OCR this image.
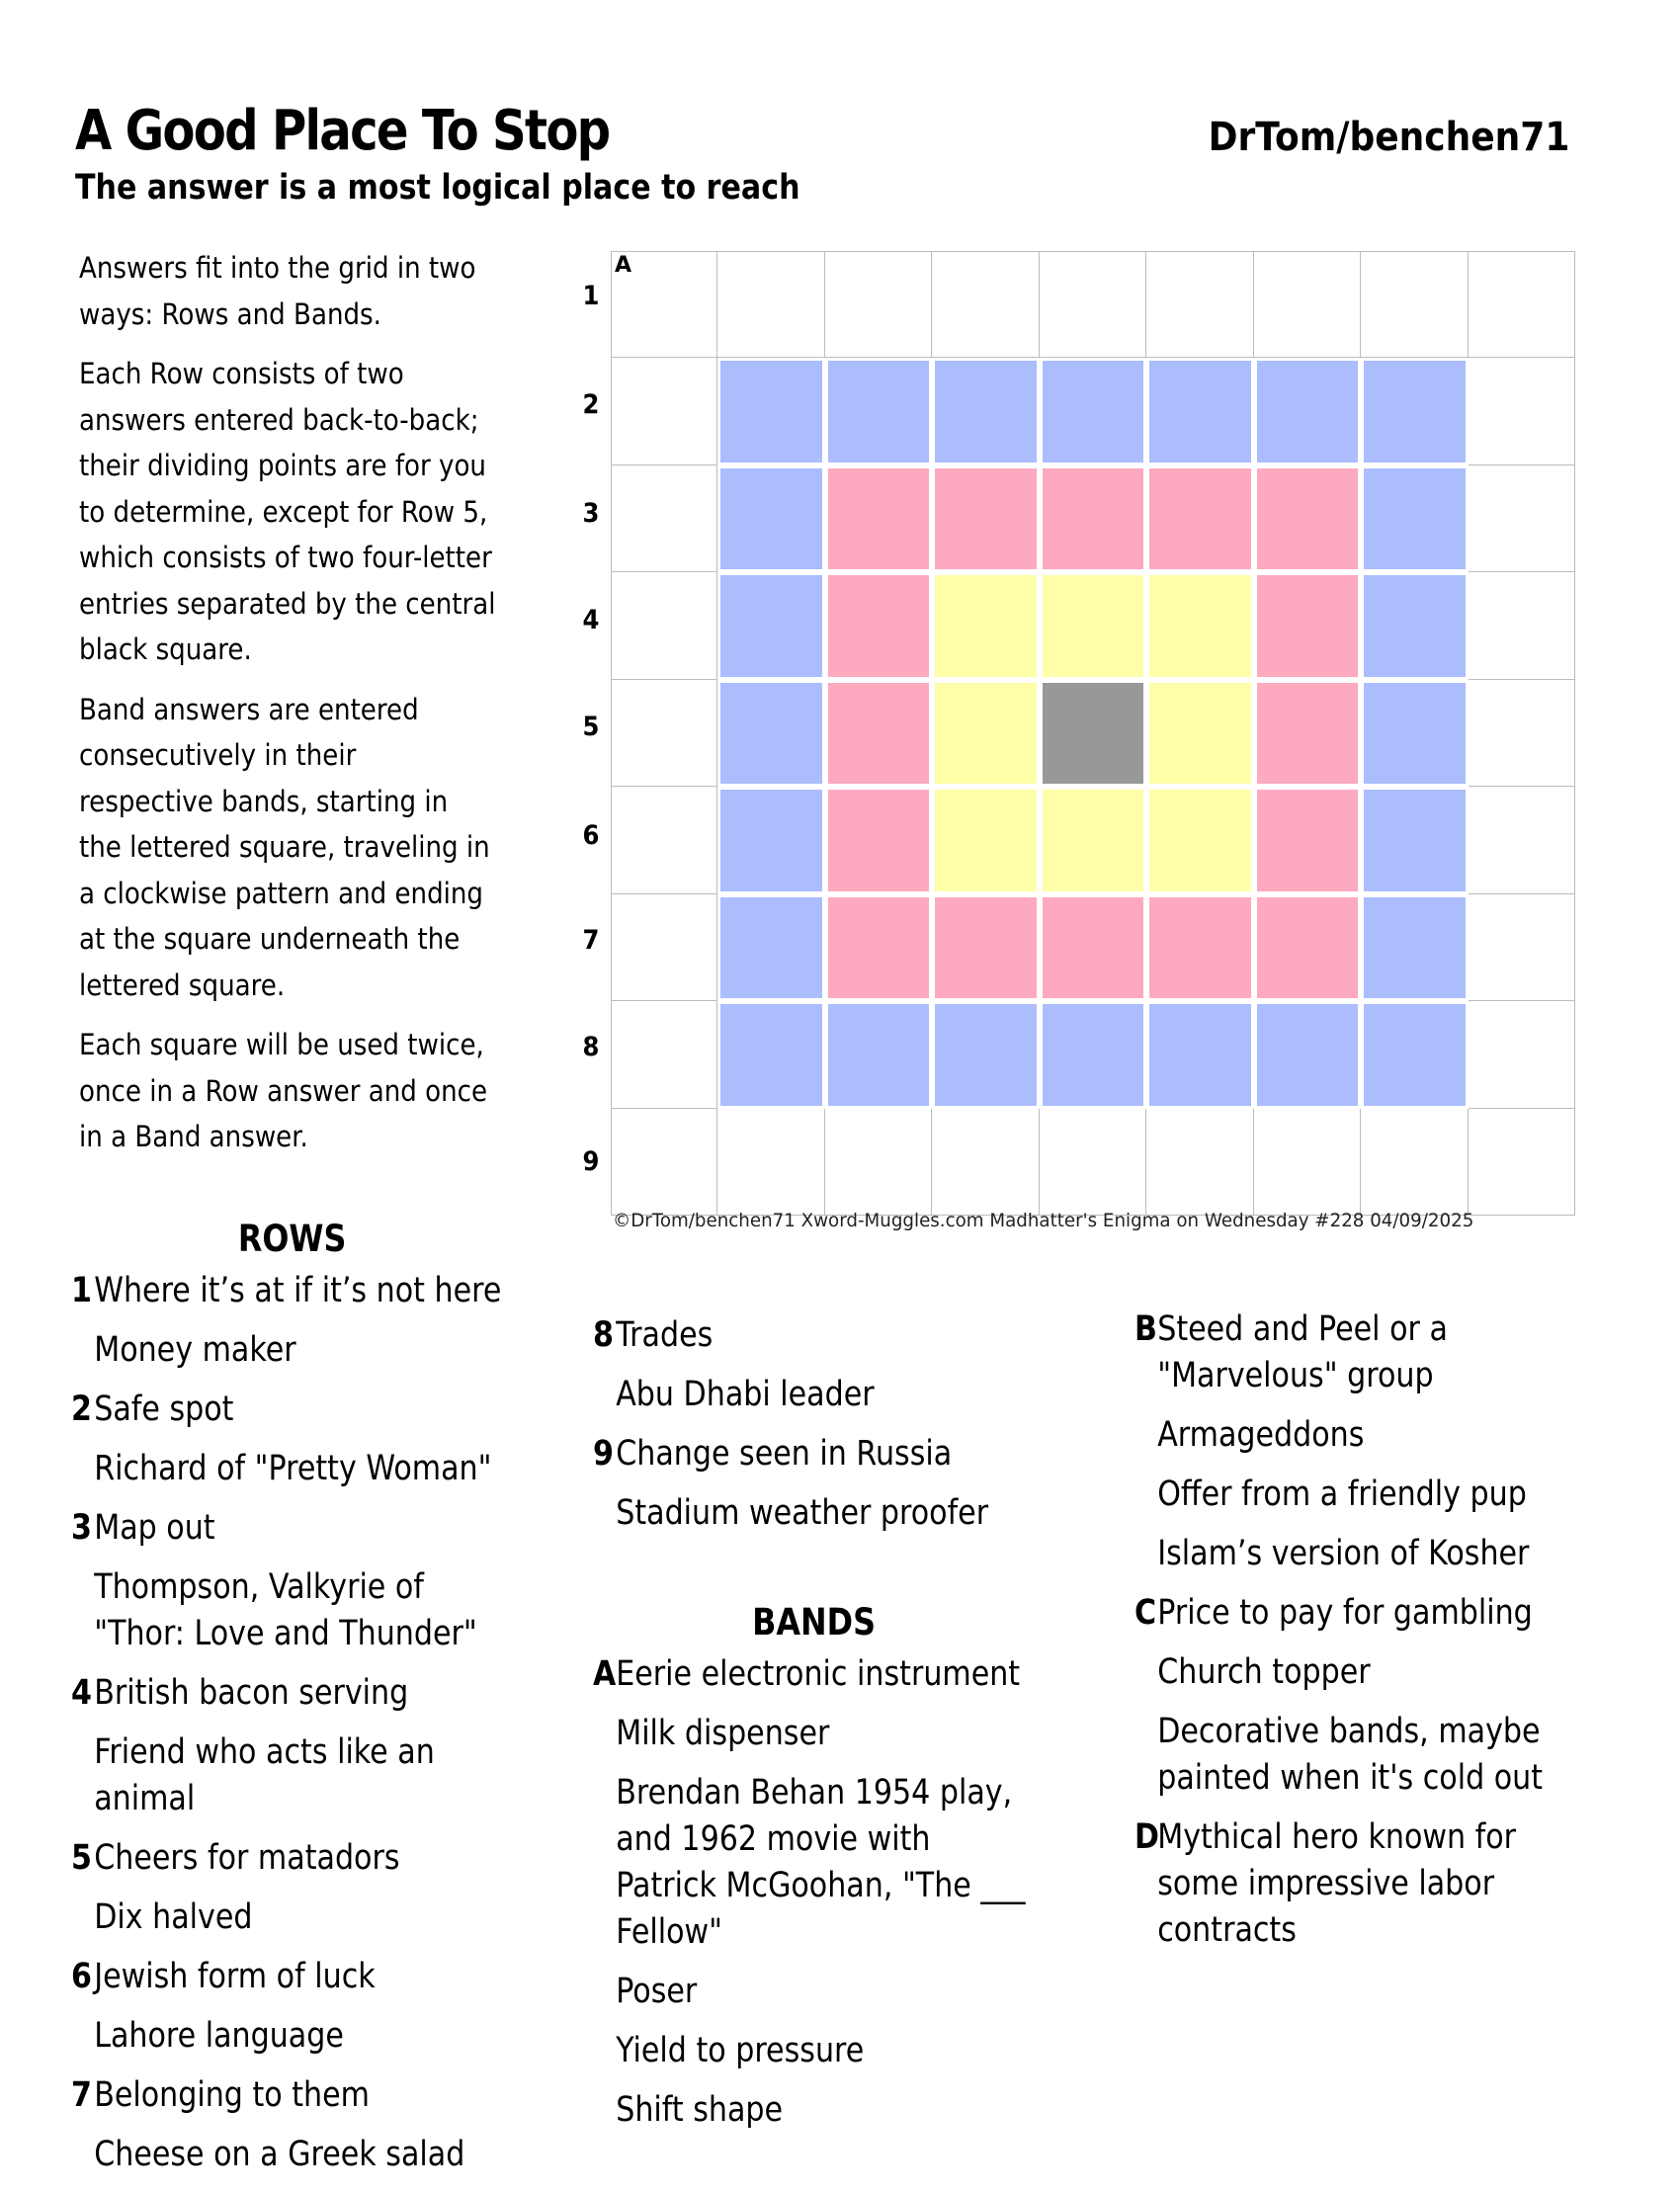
A Good Place To Stop	DrTom/benchen71
The answer is a most logical place to reach

Answers fit into the grid in two ways: Rows and Bands.

Each Row consists of two answers entered back-to-back; their dividing points are for you to determine, except for Row 5, which consists of two four-letter entries separated by the central black square.

Band answers are entered consecutively in their respective bands, starting in the lettered square, traveling in a clockwise pattern and ending at the square underneath the lettered square.

Each square will be used twice, once in a Row answer and once in a Band answer.

1
2
3
4
5
6
7
8
9
A
©DrTom/benchen71 Xword-Muggles.com Madhatter's Enigma on Wednesday #228 04/09/2025
ROWS
1 Where it’s at if it’s not here
Money maker
2 Safe spot
Richard of "Pretty Woman"
3 Map out
Thompson, Valkyrie of "Thor: Love and Thunder"
4 British bacon serving
Friend who acts like an animal
5 Cheers for matadors
Dix halved
6 Jewish form of luck
Lahore language
7 Belonging to them
Cheese on a Greek salad
8 Trades
Abu Dhabi leader
9 Change seen in Russia
Stadium weather proofer
BANDS
A Eerie electronic instrument
Milk dispenser
Brendan Behan 1954 play, and 1962 movie with Patrick McGoohan, "The ___ Fellow"
Poser
Yield to pressure
Shift shape
B Steed and Peel or a "Marvelous" group
Armageddons
Offer from a friendly pup
Islam’s version of Kosher
C Price to pay for gambling
Church topper
Decorative bands, maybe painted when it's cold out
D
Mythical hero known for some impressive labor contracts
